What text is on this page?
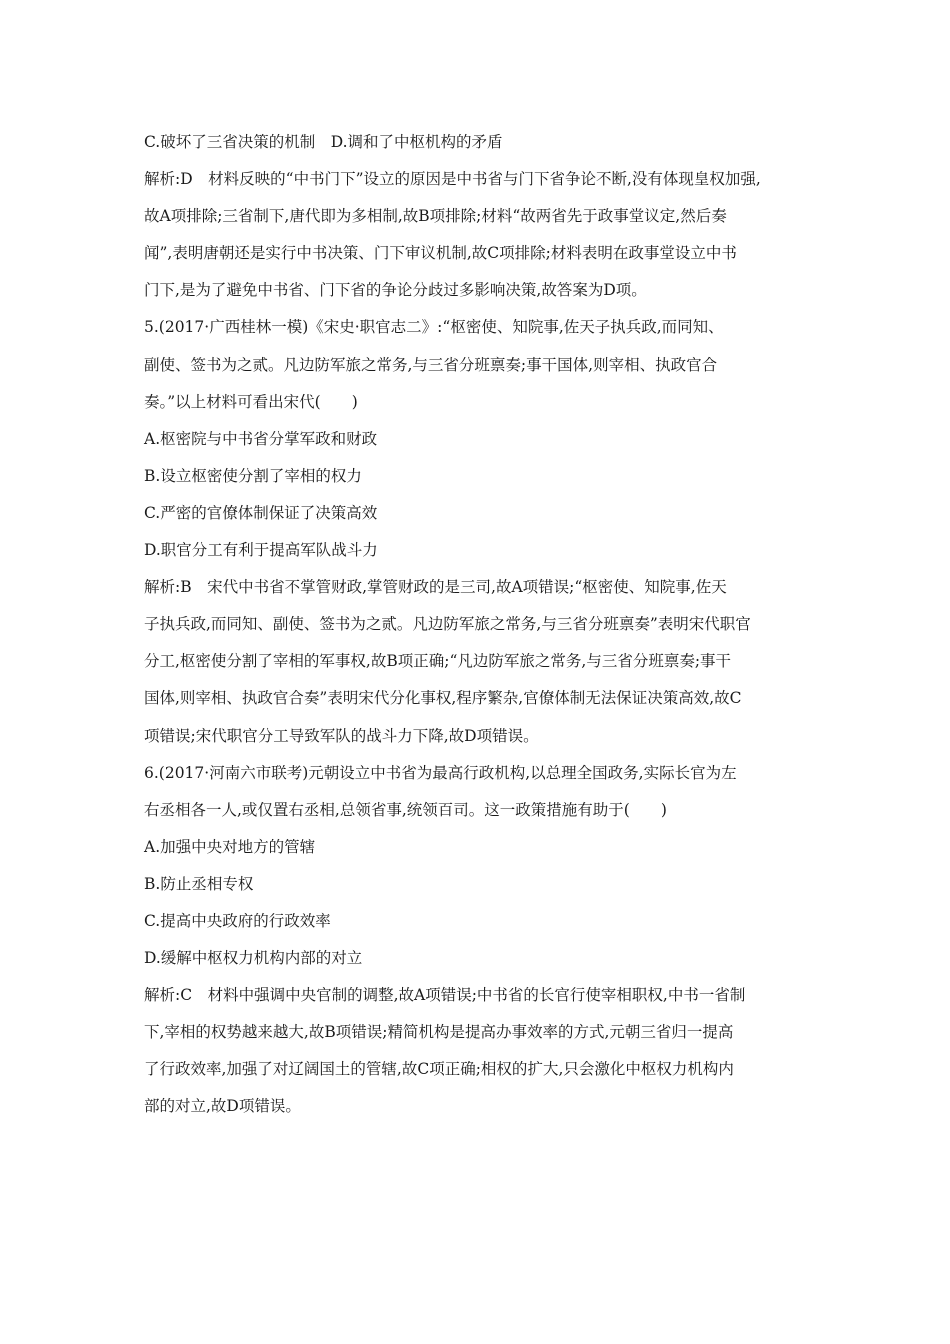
C.破坏了三省决策的机制　D.调和了中枢机构的矛盾

解析:D　材料反映的“中书门下”设立的原因是中书省与门下省争论不断,没有体现皇权加强,

故A项排除;三省制下,唐代即为多相制,故B项排除;材料“故两省先于政事堂议定,然后奏

闻”,表明唐朝还是实行中书决策、门下审议机制,故C项排除;材料表明在政事堂设立中书

门下,是为了避免中书省、门下省的争论分歧过多影响决策,故答案为D项。

5.(2017·广西桂林一模)《宋史·职官志二》:“枢密使、知院事,佐天子执兵政,而同知、

副使、签书为之贰。凡边防军旅之常务,与三省分班禀奏;事干国体,则宰相、执政官合

奏。”以上材料可看出宋代(　　)

A.枢密院与中书省分掌军政和财政

B.设立枢密使分割了宰相的权力

C.严密的官僚体制保证了决策高效

D.职官分工有利于提高军队战斗力

解析:B　宋代中书省不掌管财政,掌管财政的是三司,故A项错误;“枢密使、知院事,佐天

子执兵政,而同知、副使、签书为之贰。凡边防军旅之常务,与三省分班禀奏”表明宋代职官

分工,枢密使分割了宰相的军事权,故B项正确;“凡边防军旅之常务,与三省分班禀奏;事干

国体,则宰相、执政官合奏”表明宋代分化事权,程序繁杂,官僚体制无法保证决策高效,故C

项错误;宋代职官分工导致军队的战斗力下降,故D项错误。

6.(2017·河南六市联考)元朝设立中书省为最高行政机构,以总理全国政务,实际长官为左

右丞相各一人,或仅置右丞相,总领省事,统领百司。这一政策措施有助于(　　)

A.加强中央对地方的管辖

B.防止丞相专权

C.提高中央政府的行政效率

D.缓解中枢权力机构内部的对立

解析:C　材料中强调中央官制的调整,故A项错误;中书省的长官行使宰相职权,中书一省制

下,宰相的权势越来越大,故B项错误;精简机构是提高办事效率的方式,元朝三省归一提高

了行政效率,加强了对辽阔国土的管辖,故C项正确;相权的扩大,只会激化中枢权力机构内

部的对立,故D项错误。
